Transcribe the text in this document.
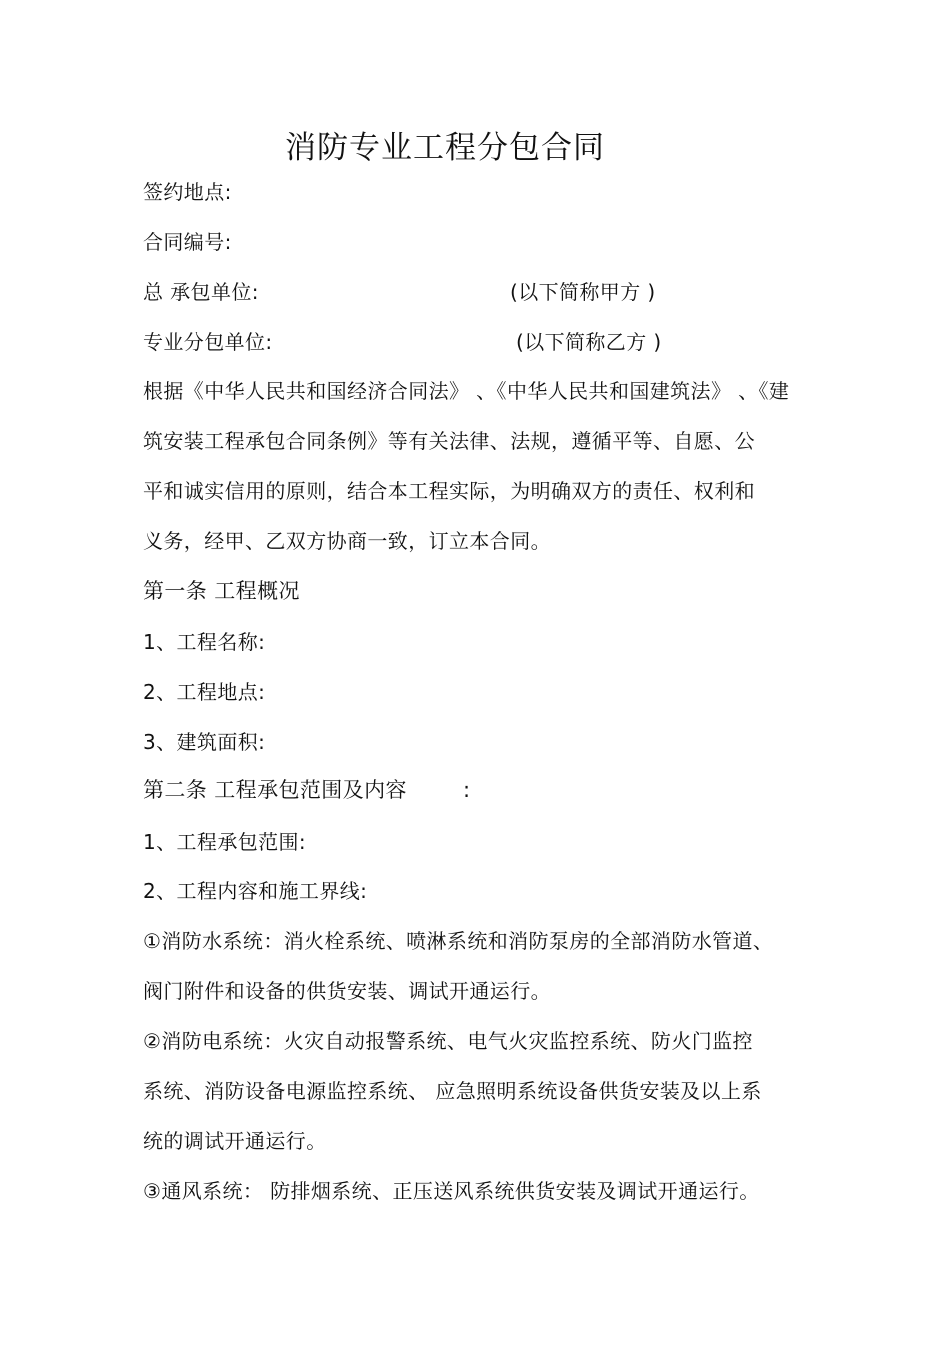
消防专业工程分包合同
签约地点:
合同编号:
总 承包单位:	(以下简称甲方 )
专业分包单位:	(以下简称乙方 )
根据《中华人民共和国经济合同法》 、《中华人民共和国建筑法》 、《建
筑安装工程承包合同条例》等有关法律、法规，遵循平等、自愿、公
平和诚实信用的原则，结合本工程实际，为明确双方的责任、权利和
义务，经甲、乙双方协商一致，订立本合同。
第一条 工程概况
1、工程名称:
2、工程地点:
3、建筑面积:
第二条 工程承包范围及内容	:
1、工程承包范围:
2、工程内容和施工界线:
①消防水系统：消火栓系统、喷淋系统和消防泵房的全部消防水管道、
阀门附件和设备的供货安装、调试开通运行。
②消防电系统：火灾自动报警系统、电气火灾监控系统、防火门监控
系统、消防设备电源监控系统、 应急照明系统设备供货安装及以上系
统的调试开通运行。
③通风系统： 防排烟系统、正压送风系统供货安装及调试开通运行。
